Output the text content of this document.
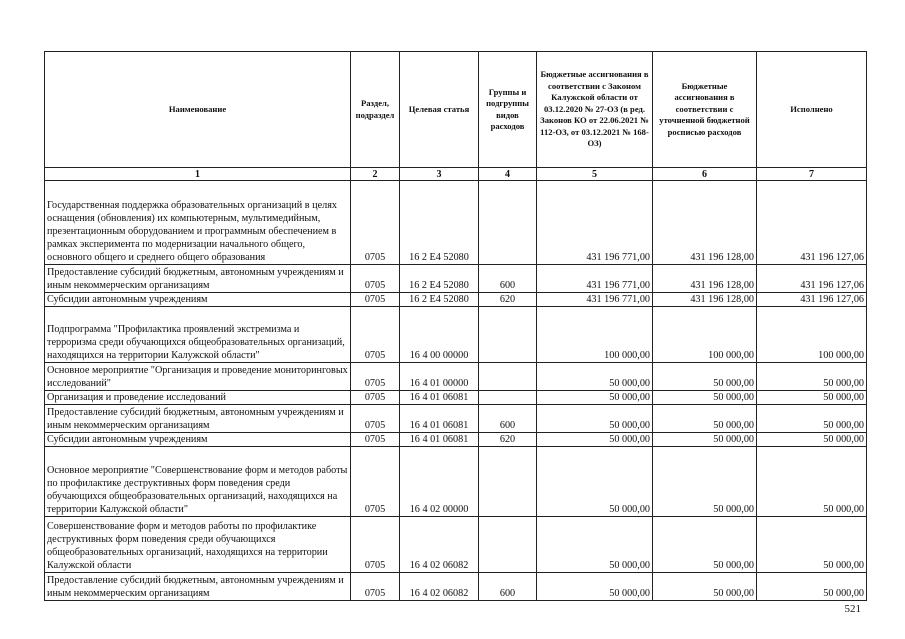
Наименование	Раздел, подраздел	Целевая статья	Группы и подгруппы видов расходов	Бюджетные ассигнования в соответствии с Законом Калужской области от 03.12.2020 № 27-ОЗ (в ред. Законов КО от 22.06.2021 № 112-ОЗ, от 03.12.2021 № 168-ОЗ)	Бюджетные ассигнования в соответствии с уточненной бюджетной росписью расходов	Исполнено
1	2	3	4	5	6	7
Государственная поддержка образовательных организаций в целях оснащения (обновления) их компьютерным, мультимедийным, презентационным оборудованием и программным обеспечением в рамках эксперимента по модернизации начального общего, основного общего и среднего общего образования	0705	16 2 E4 52080		431 196 771,00	431 196 128,00	431 196 127,06
Предоставление субсидий бюджетным, автономным учреждениям и иным некоммерческим организациям	0705	16 2 E4 52080	600	431 196 771,00	431 196 128,00	431 196 127,06
Субсидии автономным учреждениям	0705	16 2 E4 52080	620	431 196 771,00	431 196 128,00	431 196 127,06
Подпрограмма "Профилактика проявлений экстремизма и терроризма среди обучающихся общеобразовательных организаций, находящихся на территории Калужской области"	0705	16 4 00 00000		100 000,00	100 000,00	100 000,00
Основное мероприятие "Организация и проведение мониторинговых исследований"	0705	16 4 01 00000		50 000,00	50 000,00	50 000,00
Организация и проведение исследований	0705	16 4 01 06081		50 000,00	50 000,00	50 000,00
Предоставление субсидий бюджетным, автономным учреждениям и иным некоммерческим организациям	0705	16 4 01 06081	600	50 000,00	50 000,00	50 000,00
Субсидии автономным учреждениям	0705	16 4 01 06081	620	50 000,00	50 000,00	50 000,00
Основное мероприятие "Совершенствование форм и методов работы по профилактике деструктивных форм поведения среди обучающихся общеобразовательных организаций, находящихся на территории Калужской области"	0705	16 4 02 00000		50 000,00	50 000,00	50 000,00
Совершенствование форм и методов работы по профилактике деструктивных форм поведения среди обучающихся общеобразовательных организаций, находящихся на территории Калужской области	0705	16 4 02 06082		50 000,00	50 000,00	50 000,00
Предоставление субсидий бюджетным, автономным учреждениям и иным некоммерческим организациям	0705	16 4 02 06082	600	50 000,00	50 000,00	50 000,00
521
